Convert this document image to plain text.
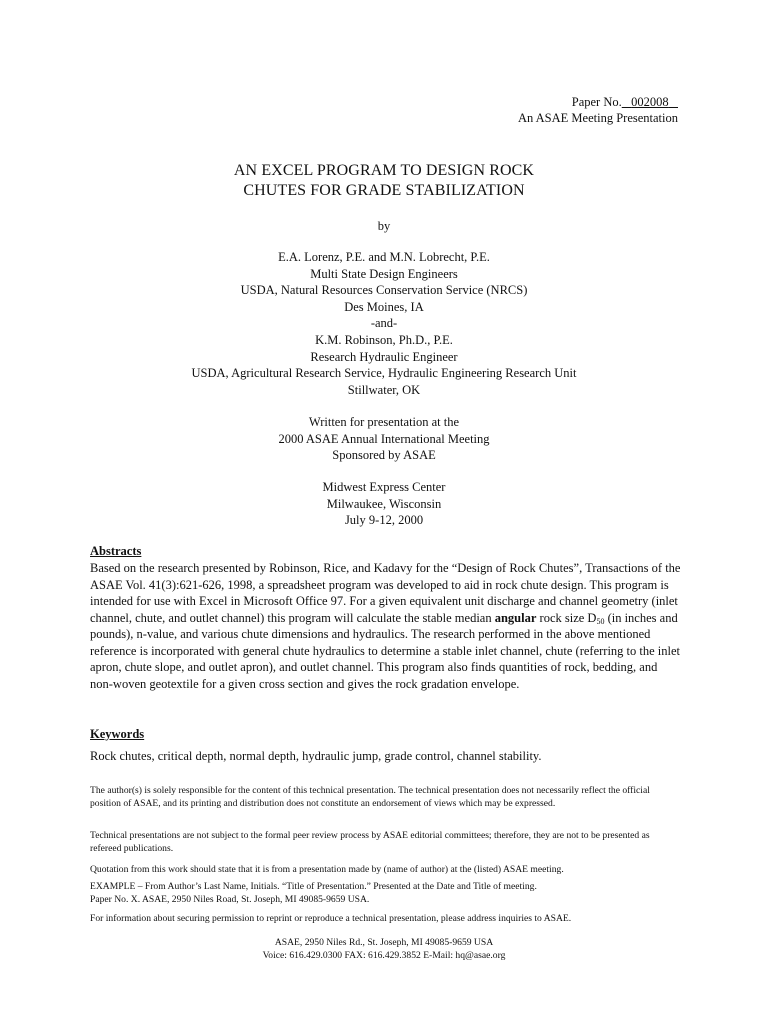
Paper No. 002008
An ASAE Meeting Presentation
AN EXCEL PROGRAM TO DESIGN ROCK
CHUTES FOR GRADE STABILIZATION
by
E.A. Lorenz, P.E. and M.N. Lobrecht, P.E.
Multi State Design Engineers
USDA, Natural Resources Conservation Service (NRCS)
Des Moines, IA
-and-
K.M. Robinson, Ph.D., P.E.
Research Hydraulic Engineer
USDA, Agricultural Research Service, Hydraulic Engineering Research Unit
Stillwater, OK
Written for presentation at the
2000 ASAE Annual International Meeting
Sponsored by ASAE
Midwest Express Center
Milwaukee, Wisconsin
July 9-12, 2000
Abstracts
Based on the research presented by Robinson, Rice, and Kadavy for the “Design of Rock Chutes”, Transactions of the ASAE Vol. 41(3):621-626, 1998, a spreadsheet program was developed to aid in rock chute design. This program is intended for use with Excel in Microsoft Office 97. For a given equivalent unit discharge and channel geometry (inlet channel, chute, and outlet channel) this program will calculate the stable median angular rock size $D_{50}$ (in inches and pounds), n-value, and various chute dimensions and hydraulics. The research performed in the above mentioned reference is incorporated with general chute hydraulics to determine a stable inlet channel, chute (referring to the inlet apron, chute slope, and outlet apron), and outlet channel. This program also finds quantities of rock, bedding, and non-woven geotextile for a given cross section and gives the rock gradation envelope.
Keywords
Rock chutes, critical depth, normal depth, hydraulic jump, grade control, channel stability.
The author(s) is solely responsible for the content of this technical presentation. The technical presentation does not necessarily reflect the official position of ASAE, and its printing and distribution does not constitute an endorsement of views which may be expressed.
Technical presentations are not subject to the formal peer review process by ASAE editorial committees; therefore, they are not to be presented as refereed publications.
Quotation from this work should state that it is from a presentation made by (name of author) at the (listed) ASAE meeting.
EXAMPLE – From Author’s Last Name, Initials. “Title of Presentation.” Presented at the Date and Title of meeting.
Paper No. X. ASAE, 2950 Niles Road, St. Joseph, MI 49085-9659 USA.
For information about securing permission to reprint or reproduce a technical presentation, please address inquiries to ASAE.
ASAE, 2950 Niles Rd., St. Joseph, MI 49085-9659 USA
Voice: 616.429.0300 FAX: 616.429.3852 E-Mail: hq@asae.org
